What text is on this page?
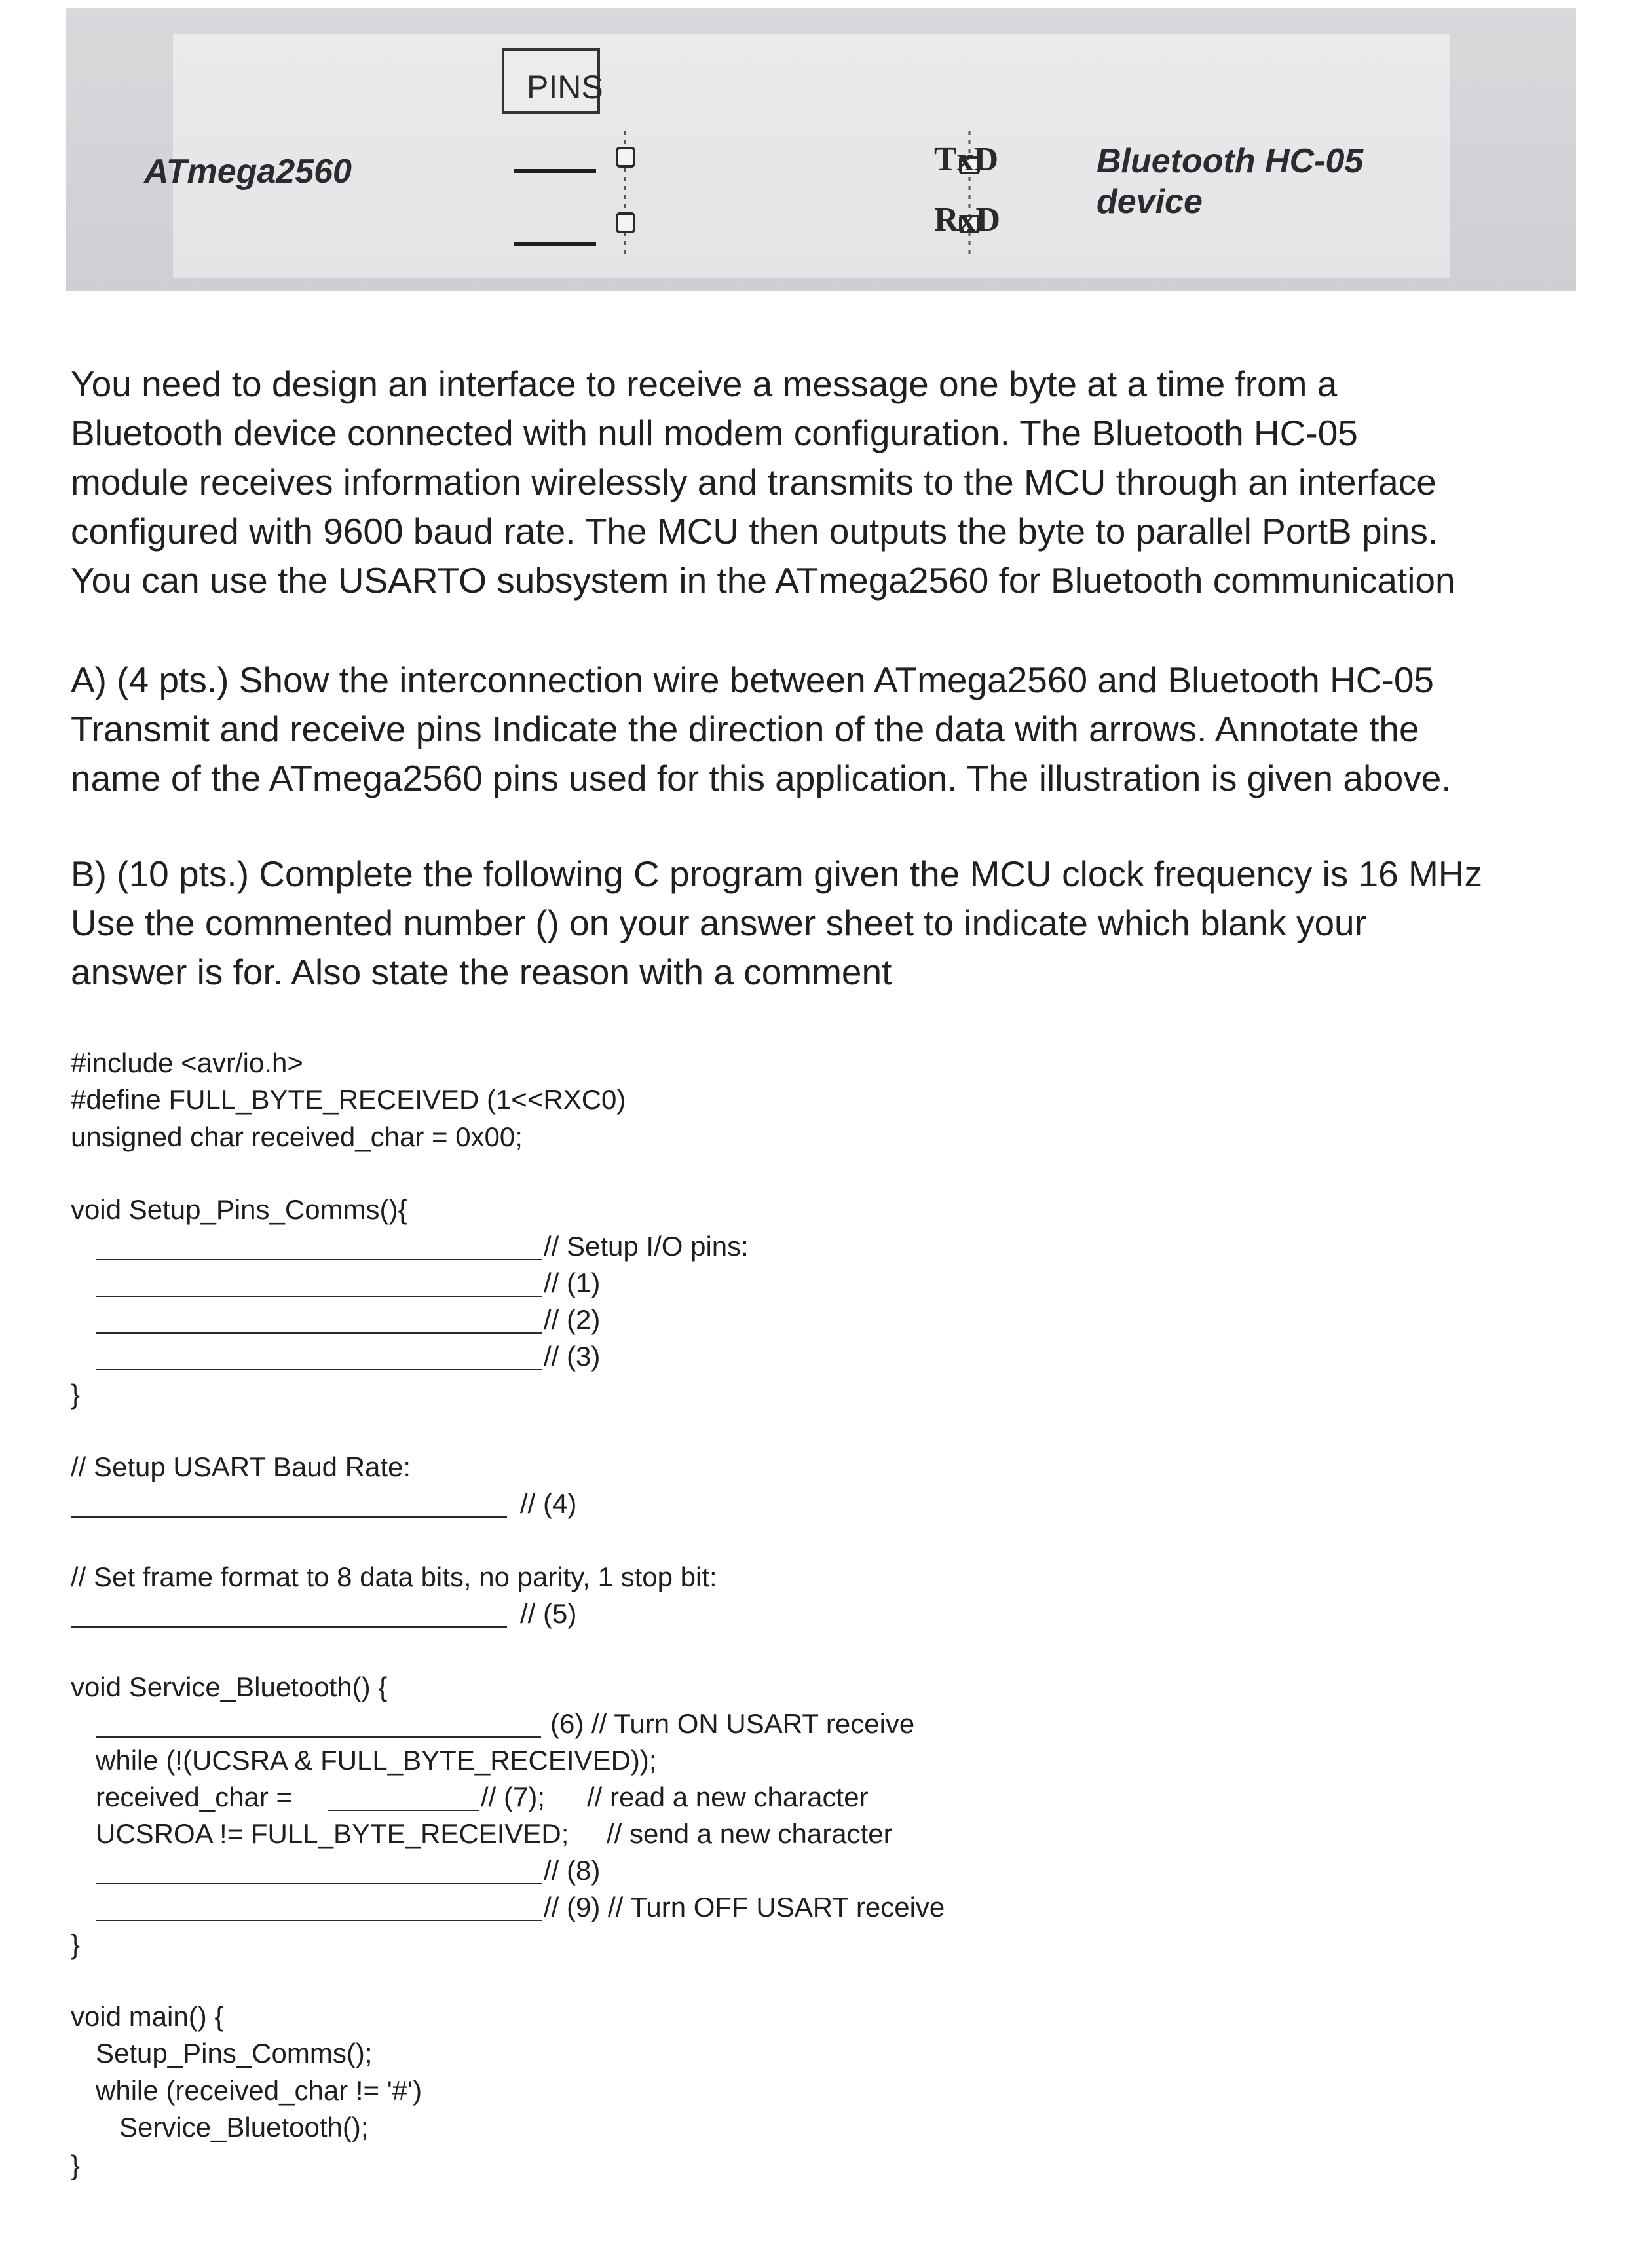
PINS
ATmega2560	TxD
RxD
Bluetooth HC-05
device
You need to design an interface to receive a message one byte at a time from a
Bluetooth device connected with null modem configuration. The Bluetooth HC-05
module receives information wirelessly and transmits to the MCU through an interface
configured with 9600 baud rate. The MCU then outputs the byte to parallel PortB pins.
You can use the USARTO subsystem in the ATmega2560 for Bluetooth communication
A) (4 pts.) Show the interconnection wire between ATmega2560 and Bluetooth HC-05
Transmit and receive pins Indicate the direction of the data with arrows. Annotate the
name of the ATmega2560 pins used for this application. The illustration is given above.
B) (10 pts.) Complete the following C program given the MCU clock frequency is 16 MHz
Use the commented number () on your answer sheet to indicate which blank your
answer is for. Also state the reason with a comment
#include <avr/io.h>
#define FULL_BYTE_RECEIVED (1<<RXC0)
unsigned char received_char = 0x00;
void Setup_Pins_Comms(){
// Setup I/O pins:
// (1)
// (2)
// (3)
}
// Setup USART Baud Rate:
// (4)
// Set frame format to 8 data bits, no parity, 1 stop bit:
// (5)
void Service_Bluetooth() {
(6) // Turn ON USART receive
while (!(UCSRA & FULL_BYTE_RECEIVED));
received_char =	// (7); // read a new character
UCSROA != FULL_BYTE_RECEIVED; // send a new character
// (8)
// (9) // Turn OFF USART receive
}
void main() {
Setup_Pins_Comms();
while (received_char != '#')
Service_Bluetooth();
}
